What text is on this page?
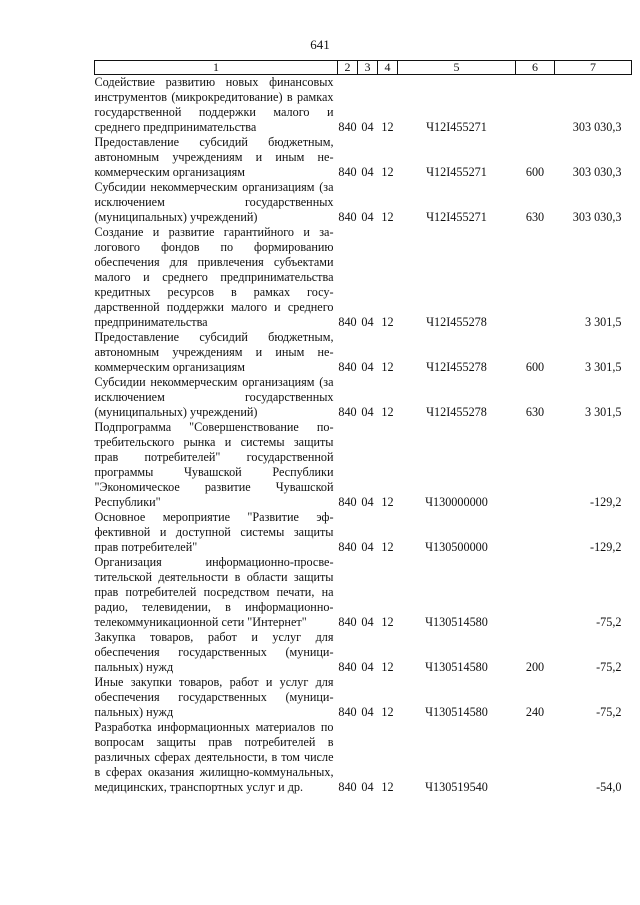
641
1	2	3	4	5	6	7

Содействие развитию новых финансовых инструментов (микрокредитование) в рамках государственной поддержки малого и среднего предпринимательства	840	04	12	Ч12I455271		303 030,3

Предоставление субсидий бюджетным, автономным учреждениям и иным некоммерческим организациям	840	04	12	Ч12I455271	600	303 030,3

Субсидии некоммерческим организациям (за исключением государственных (муниципальных) учреждений)	840	04	12	Ч12I455271	630	303 030,3

Создание и развитие гарантийного и залогового фондов по формированию обеспечения для привлечения субъектами малого и среднего предпринимательства кредитных ресурсов в рамках государственной поддержки малого и среднего предпринимательства	840	04	12	Ч12I455278		3 301,5

Предоставление субсидий бюджетным, автономным учреждениям и иным некоммерческим организациям	840	04	12	Ч12I455278	600	3 301,5

Субсидии некоммерческим организациям (за исключением государственных (муниципальных) учреждений)	840	04	12	Ч12I455278	630	3 301,5

Подпрограмма "Совершенствование потребительского рынка и системы защиты прав потребителей" государственной программы Чувашской Республики "Экономическое развитие Чувашской Республики"	840	04	12	Ч130000000		-129,2

Основное мероприятие "Развитие эффективной и доступной системы защиты прав потребителей"	840	04	12	Ч130500000		-129,2

Организация информационно-просветительской деятельности в области защиты прав потребителей посредством печати, на радио, телевидении, в информационно-телекоммуникационной сети "Интернет"	840	04	12	Ч130514580		-75,2

Закупка товаров, работ и услуг для обеспечения государственных (муниципальных) нужд	840	04	12	Ч130514580	200	-75,2

Иные закупки товаров, работ и услуг для обеспечения государственных (муниципальных) нужд	840	04	12	Ч130514580	240	-75,2

Разработка информационных материалов по вопросам защиты прав потребителей в различных сферах деятельности, в том числе в сферах оказания жилищно-коммунальных, медицинских, транспортных услуг и др.	840	04	12	Ч130519540		-54,0
